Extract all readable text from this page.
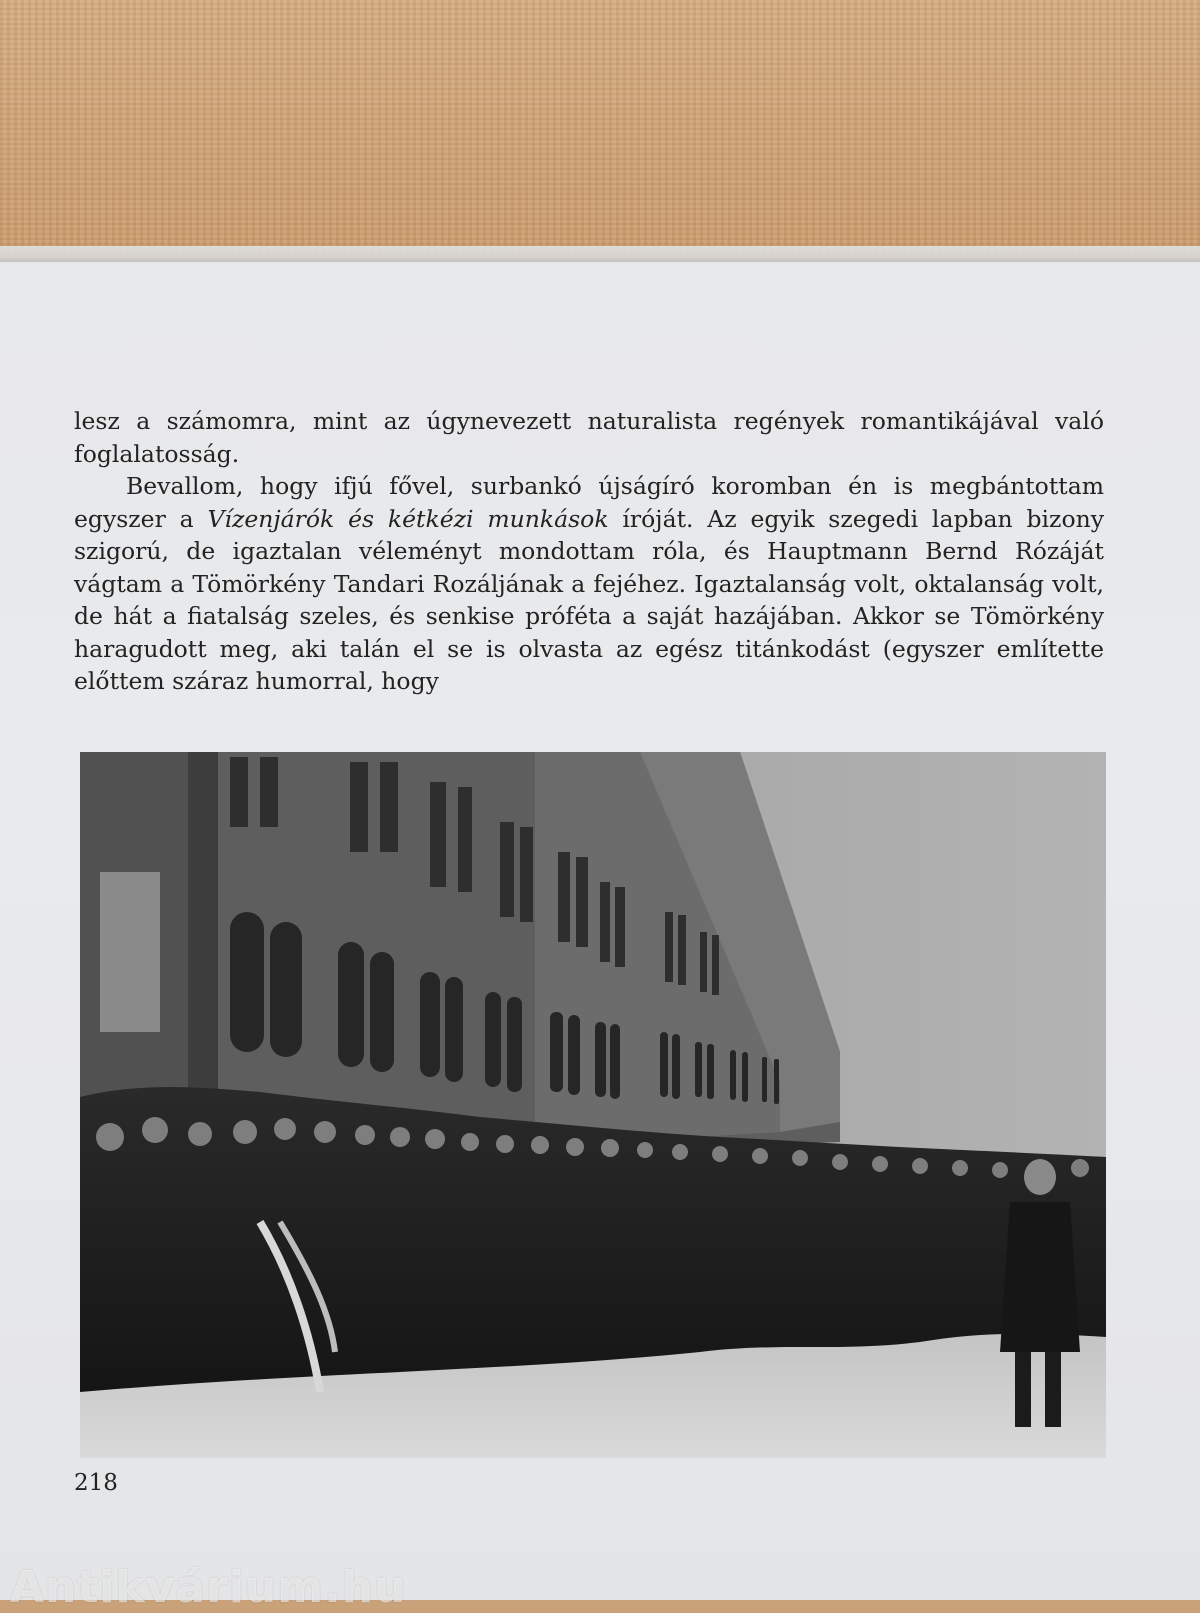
lesz a számomra, mint az úgynevezett naturalista regények romantikájával való foglalatosság.

Bevallom, hogy ifjú fővel, surbankó újságíró koromban én is megbántottam egyszer a Vízenjárók és kétkézi munkások íróját. Az egyik szegedi lapban bizony szigorú, de igaztalan véleményt mondottam róla, és Hauptmann Bernd Rózáját vágtam a Tömörkény Tandari Rozáljának a fejéhez. Igaztalanság volt, oktalanság volt, de hát a fiatalság szeles, és senkise próféta a saját hazájában. Akkor se Tömörkény haragudott meg, aki talán el se is olvasta az egész titánkodást (egyszer említette előttem száraz humorral, hogy

218
Antikvárium.hu
